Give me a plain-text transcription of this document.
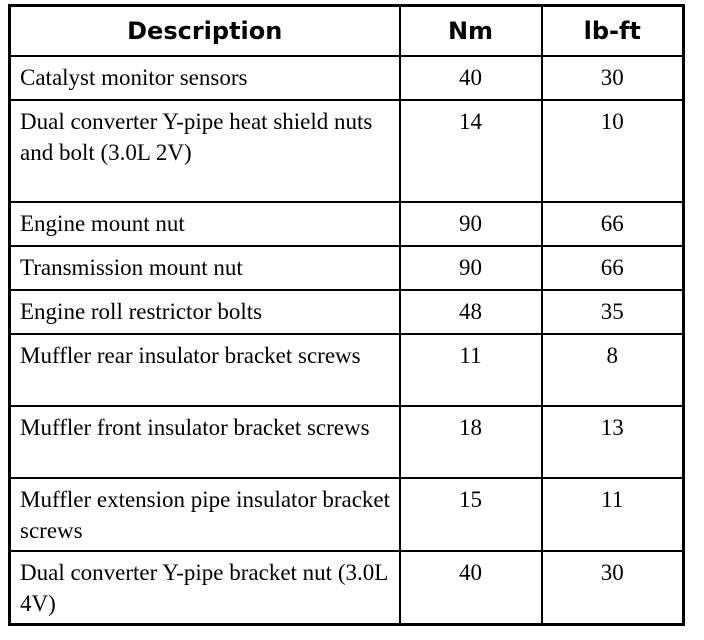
Description	Nm	lb-ft
Catalyst monitor sensors	40	30
Dual converter Y-pipe heat shield nuts and bolt (3.0L 2V)	14	10
Engine mount nut	90	66
Transmission mount nut	90	66
Engine roll restrictor bolts	48	35
Muffler rear insulator bracket screws	11	8
Muffler front insulator bracket screws	18	13
Muffler extension pipe insulator bracket screws	15	11
Dual converter Y-pipe bracket nut (3.0L 4V)	40	30
